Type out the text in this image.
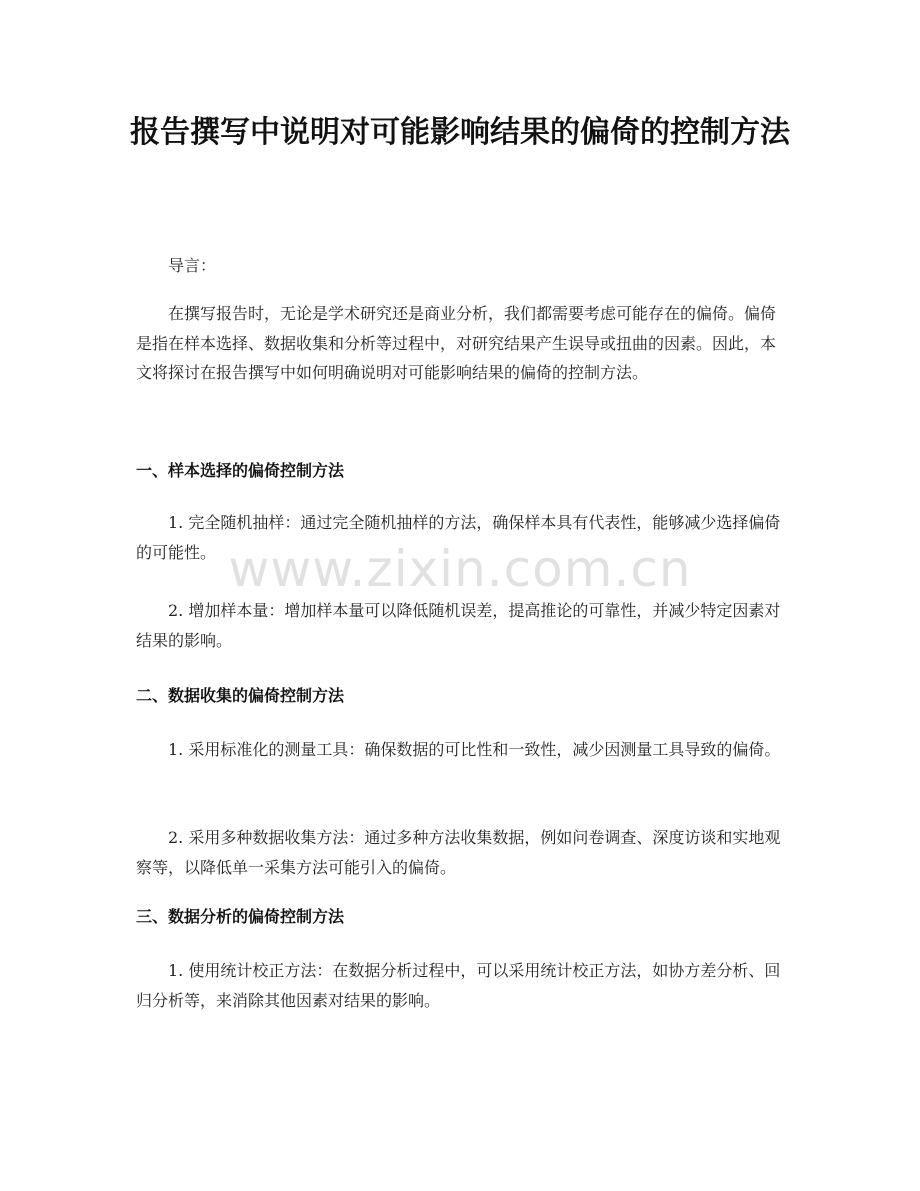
报告撰写中说明对可能影响结果的偏倚的控制方法

导言：

在撰写报告时，无论是学术研究还是商业分析，我们都需要考虑可能存在的偏倚。偏倚是指在样本选择、数据收集和分析等过程中，对研究结果产生误导或扭曲的因素。因此，本文将探讨在报告撰写中如何明确说明对可能影响结果的偏倚的控制方法。

一、样本选择的偏倚控制方法

1. 完全随机抽样：通过完全随机抽样的方法，确保样本具有代表性，能够减少选择偏倚的可能性。

2. 增加样本量：增加样本量可以降低随机误差，提高推论的可靠性，并减少特定因素对结果的影响。

二、数据收集的偏倚控制方法

1. 采用标准化的测量工具：确保数据的可比性和一致性，减少因测量工具导致的偏倚。

2. 采用多种数据收集方法：通过多种方法收集数据，例如问卷调查、深度访谈和实地观察等，以降低单一采集方法可能引入的偏倚。

三、数据分析的偏倚控制方法

1. 使用统计校正方法：在数据分析过程中，可以采用统计校正方法，如协方差分析、回归分析等，来消除其他因素对结果的影响。

www.zixin.com.cn
